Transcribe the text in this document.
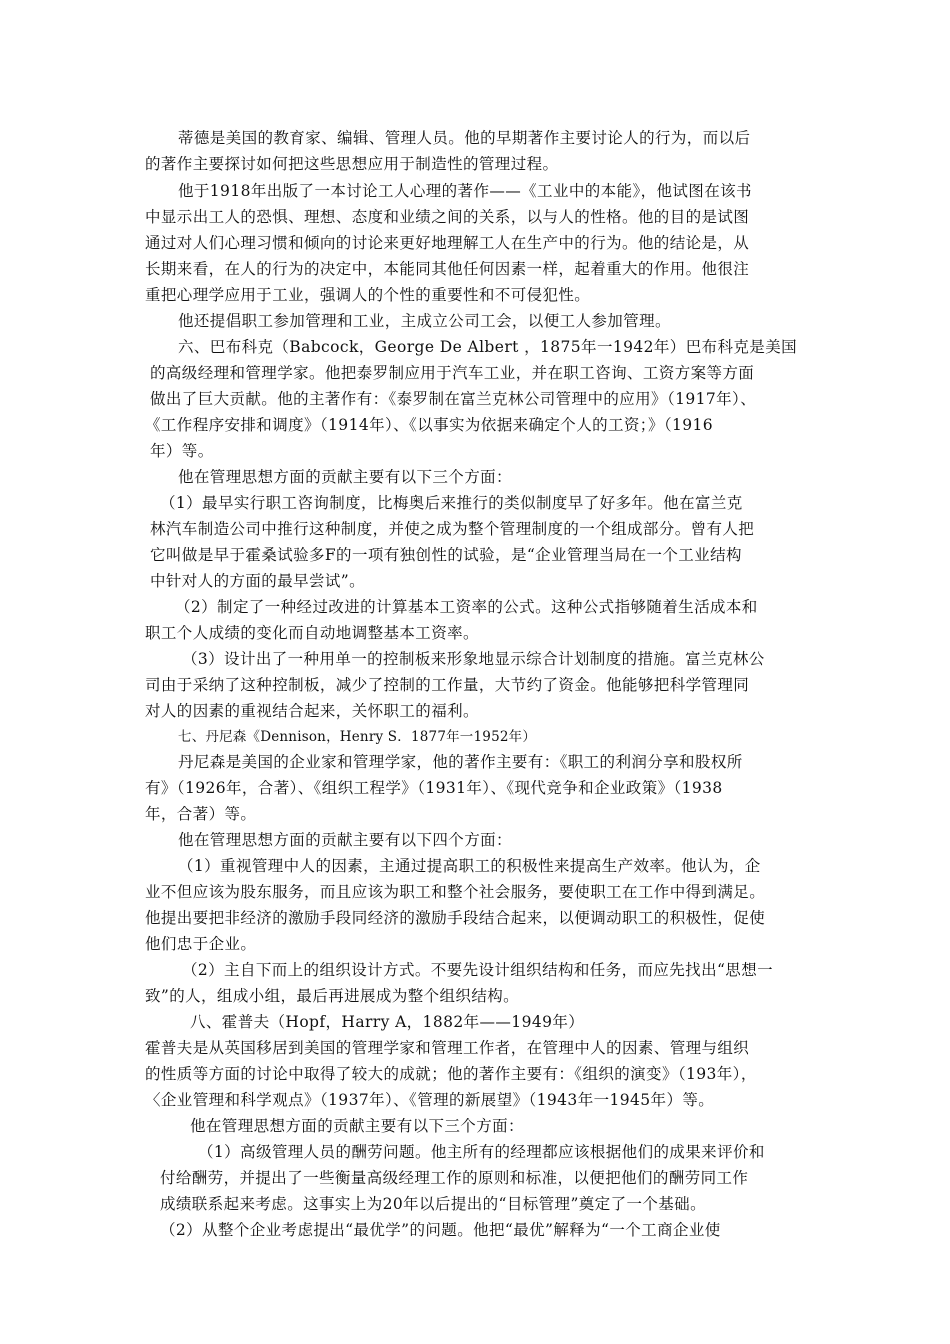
蒂德是美国的教育家、编辑、管理人员。他的早期著作主要讨论人的行为，而以后
的著作主要探讨如何把这些思想应用于制造性的管理过程。
他于1918年出版了一本讨论工人心理的著作——《工业中的本能》，他试图在该书
中显示出工人的恐惧、理想、态度和业绩之间的关系，以与人的性格。他的目的是试图
通过对人们心理习惯和倾向的讨论来更好地理解工人在生产中的行为。他的结论是，从
长期来看，在人的行为的决定中，本能同其他任何因素一样，起着重大的作用。他很注
重把心理学应用于工业，强调人的个性的重要性和不可侵犯性。
他还提倡职工参加管理和工业，主成立公司工会，以便工人参加管理。
六、巴布科克（Babcock，George De Albert ，1875年一1942年）巴布科克是美国
的高级经理和管理学家。他把泰罗制应用于汽车工业，并在职工咨询、工资方案等方面
做出了巨大贡献。他的主著作有：《泰罗制在富兰克林公司管理中的应用》（1917年）、
《工作程序安排和调度》（1914年）、《以事实为依据来确定个人的工资；》（1916
年）等。
他在管理思想方面的贡献主要有以下三个方面：
（1）最早实行职工咨询制度，比梅奥后来推行的类似制度早了好多年。他在富兰克
林汽车制造公司中推行这种制度，并使之成为整个管理制度的一个组成部分。曾有人把
它叫做是早于霍桑试验多F的一项有独创性的试验，是“企业管理当局在一个工业结构
中针对人的方面的最早尝试”。
（2）制定了一种经过改进的计算基本工资率的公式。这种公式指够随着生活成本和
职工个人成绩的变化而自动地调整基本工资率。
（3）设计出了一种用单一的控制板来形象地显示综合计划制度的措施。富兰克林公
司由于采纳了这种控制板，减少了控制的工作量，大节约了资金。他能够把科学管理同
对人的因素的重视结合起来，关怀职工的福利。
七、丹尼森《Dennison，Henry S．1877年一1952年）
丹尼森是美国的企业家和管理学家，他的著作主要有：《职工的利润分享和股权所
有》（1926年，合著）、《组织工程学》（1931年）、《现代竞争和企业政策》（1938
年，合著）等。
他在管理思想方面的贡献主要有以下四个方面：
（1）重视管理中人的因素，主通过提高职工的积极性来提高生产效率。他认为，企
业不但应该为股东服务，而且应该为职工和整个社会服务，要使职工在工作中得到满足。
他提出要把非经济的激励手段同经济的激励手段结合起来，以便调动职工的积极性，促使
他们忠于企业。
（2）主自下而上的组织设计方式。不要先设计组织结构和任务，而应先找出“思想一
致”的人，组成小组，最后再进展成为整个组织结构。
八、霍普夫（Hopf，Harry A，1882年——1949年）
霍普夫是从英国移居到美国的管理学家和管理工作者，在管理中人的因素、管理与组织
的性质等方面的讨论中取得了较大的成就；他的著作主要有：《组织的演变》（193年），
〈企业管理和科学观点》（1937年）、《管理的新展望》（1943年一1945年）等。
他在管理思想方面的贡献主要有以下三个方面：
（1）高级管理人员的酬劳问题。他主所有的经理都应该根据他们的成果来评价和
付给酬劳，并提出了一些衡量高级经理工作的原则和标准，以便把他们的酬劳同工作
成绩联系起来考虑。这事实上为20年以后提出的“目标管理”奠定了一个基础。
（2）从整个企业考虑提出“最优学”的问题。他把“最优”解释为“一个工商企业使
